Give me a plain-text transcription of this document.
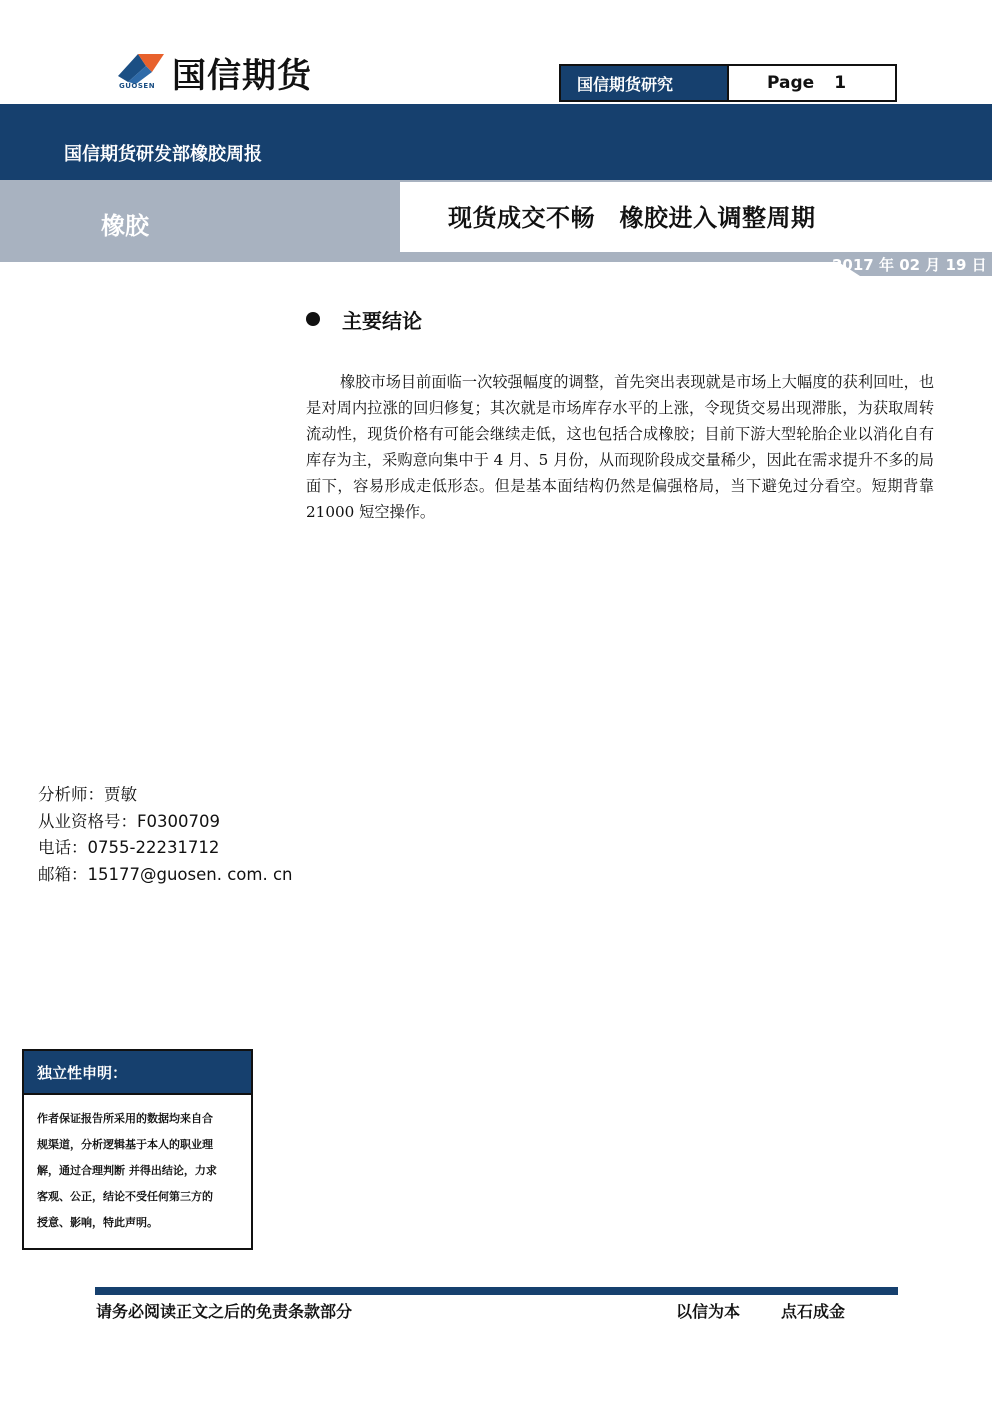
国信期货
GUOSEN	国信期货研究	Page 1
国信期货研发部橡胶周报
橡胶	现货成交不畅　橡胶进入调整周期
2017 年 02 月 19 日
主要结论
橡胶市场目前面临一次较强幅度的调整，首先突出表现就是市场上大幅度的获利回吐，也是对周内拉涨的回归修复；其次就是市场库存水平的上涨，令现货交易出现滞胀，为获取周转流动性，现货价格有可能会继续走低，这也包括合成橡胶；目前下游大型轮胎企业以消化自有库存为主，采购意向集中于 4 月、5 月份，从而现阶段成交量稀少，因此在需求提升不多的局面下，容易形成走低形态。但是基本面结构仍然是偏强格局，当下避免过分看空。短期背靠 21000 短空操作。
分析师：贾敏
从业资格号：F0300709
电话：0755-22231712
邮箱：15177@guosen. com. cn
独立性申明：
作者保证报告所采用的数据均来自合
规渠道，分析逻辑基于本人的职业理
解，通过合理判断 并得出结论，力求
客观、公正，结论不受任何第三方的
授意、影响，特此声明。
请务必阅读正文之后的免责条款部分	以信为本	点石成金
